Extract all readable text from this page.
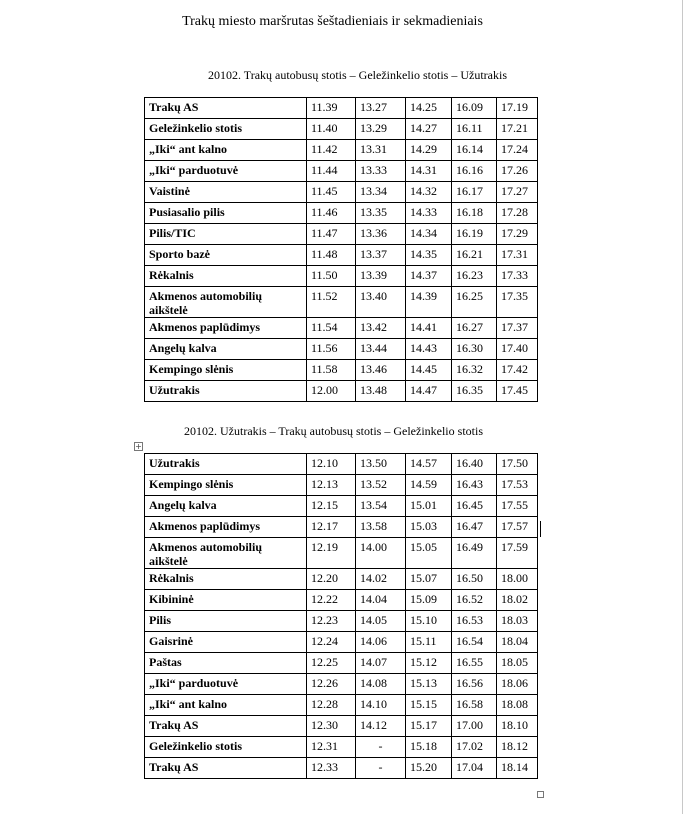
Trakų miesto maršrutas šeštadieniais ir sekmadieniais
20102. Trakų autobusų stotis – Geležinkelio stotis – Užutrakis
Trakų AS	11.39	13.27	14.25	16.09	17.19
Geležinkelio stotis	11.40	13.29	14.27	16.11	17.21
„Iki“ ant kalno	11.42	13.31	14.29	16.14	17.24
„Iki“ parduotuvė	11.44	13.33	14.31	16.16	17.26
Vaistinė	11.45	13.34	14.32	16.17	17.27
Pusiasalio pilis	11.46	13.35	14.33	16.18	17.28
Pilis/TIC	11.47	13.36	14.34	16.19	17.29
Sporto bazė	11.48	13.37	14.35	16.21	17.31
Rėkalnis	11.50	13.39	14.37	16.23	17.33
Akmenos automobilių aikštelė	11.52	13.40	14.39	16.25	17.35
Akmenos paplūdimys	11.54	13.42	14.41	16.27	17.37
Angelų kalva	11.56	13.44	14.43	16.30	17.40
Kempingo slėnis	11.58	13.46	14.45	16.32	17.42
Užutrakis	12.00	13.48	14.47	16.35	17.45
20102. Užutrakis – Trakų autobusų stotis – Geležinkelio stotis
+
Užutrakis	12.10	13.50	14.57	16.40	17.50
Kempingo slėnis	12.13	13.52	14.59	16.43	17.53
Angelų kalva	12.15	13.54	15.01	16.45	17.55
Akmenos paplūdimys	12.17	13.58	15.03	16.47	17.57
Akmenos automobilių aikštelė	12.19	14.00	15.05	16.49	17.59
Rėkalnis	12.20	14.02	15.07	16.50	18.00
Kibininė	12.22	14.04	15.09	16.52	18.02
Pilis	12.23	14.05	15.10	16.53	18.03
Gaisrinė	12.24	14.06	15.11	16.54	18.04
Paštas	12.25	14.07	15.12	16.55	18.05
„Iki“ parduotuvė	12.26	14.08	15.13	16.56	18.06
„Iki“ ant kalno	12.28	14.10	15.15	16.58	18.08
Trakų AS	12.30	14.12	15.17	17.00	18.10
Geležinkelio stotis	12.31	-	15.18	17.02	18.12
Trakų AS	12.33	-	15.20	17.04	18.14
